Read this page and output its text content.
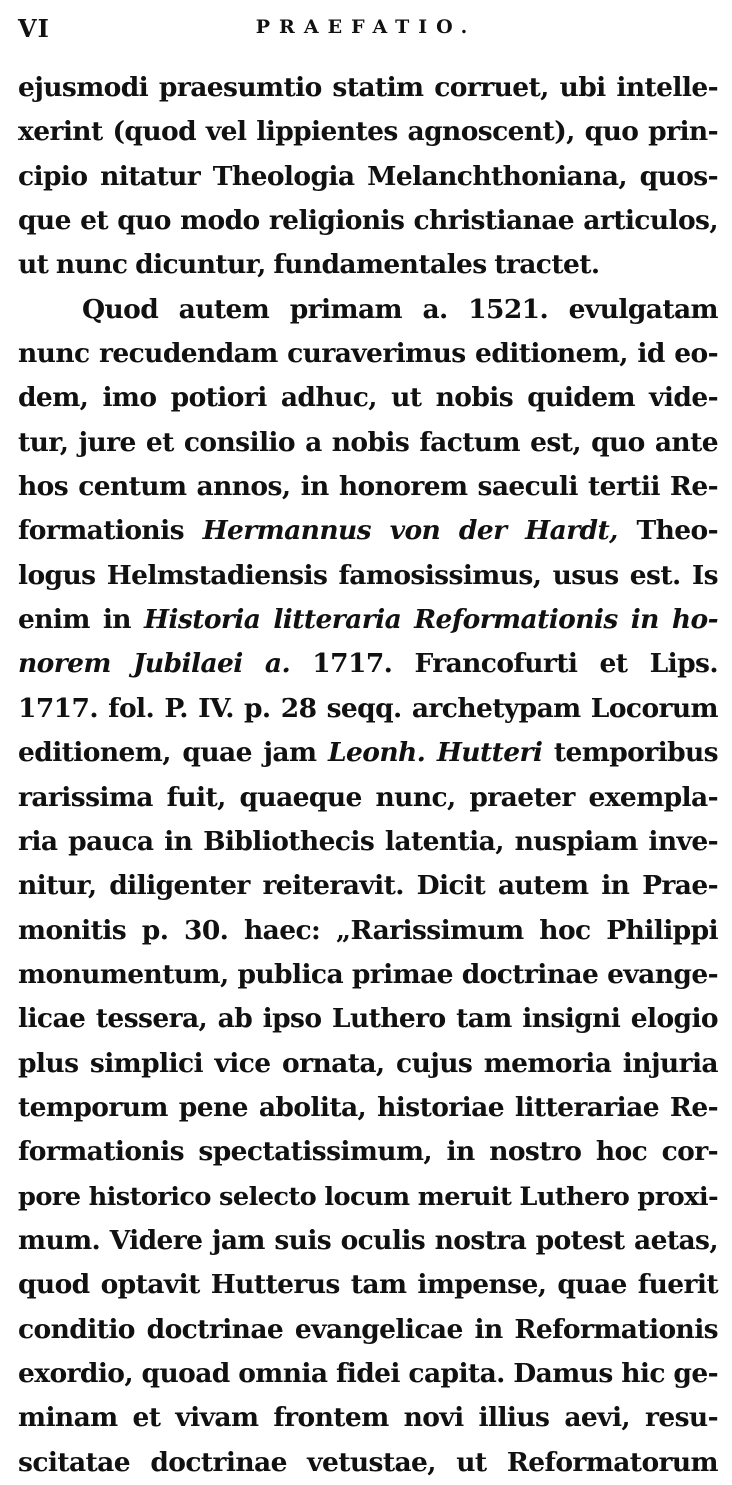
VI	PRAEFATIO.
ejusmodi praesumtio statim corruet, ubi intelle-
xerint (quod vel lippientes agnoscent), quo prin-
cipio nitatur Theologia Melanchthoniana, quos-
que et quo modo religionis christianae articulos,
ut nunc dicuntur, fundamentales tractet.
Quod autem primam a. 1521. evulgatam
nunc recudendam curaverimus editionem, id eo-
dem, imo potiori adhuc, ut nobis quidem vide-
tur, jure et consilio a nobis factum est, quo ante
hos centum annos, in honorem saeculi tertii Re-
formationis Hermannus von der Hardt, Theo-
logus Helmstadiensis famosissimus, usus est. Is
enim in Historia litteraria Reformationis in ho-
norem Jubilaei a. 1717. Francofurti et Lips.
1717. fol. P. IV. p. 28 seqq. archetypam Locorum
editionem, quae jam Leonh. Hutteri temporibus
rarissima fuit, quaeque nunc, praeter exempla-
ria pauca in Bibliothecis latentia, nuspiam inve-
nitur, diligenter reiteravit. Dicit autem in Prae-
monitis p. 30. haec: „Rarissimum hoc Philippi
monumentum, publica primae doctrinae evange-
licae tessera, ab ipso Luthero tam insigni elogio
plus simplici vice ornata, cujus memoria injuria
temporum pene abolita, historiae litterariae Re-
formationis spectatissimum, in nostro hoc cor-
pore historico selecto locum meruit Luthero proxi-
mum. Videre jam suis oculis nostra potest aetas,
quod optavit Hutterus tam impense, quae fuerit
conditio doctrinae evangelicae in Reformationis
exordio, quoad omnia fidei capita. Damus hic ge-
minam et vivam frontem novi illius aevi, resu-
scitatae doctrinae vetustae, ut Reformatorum
